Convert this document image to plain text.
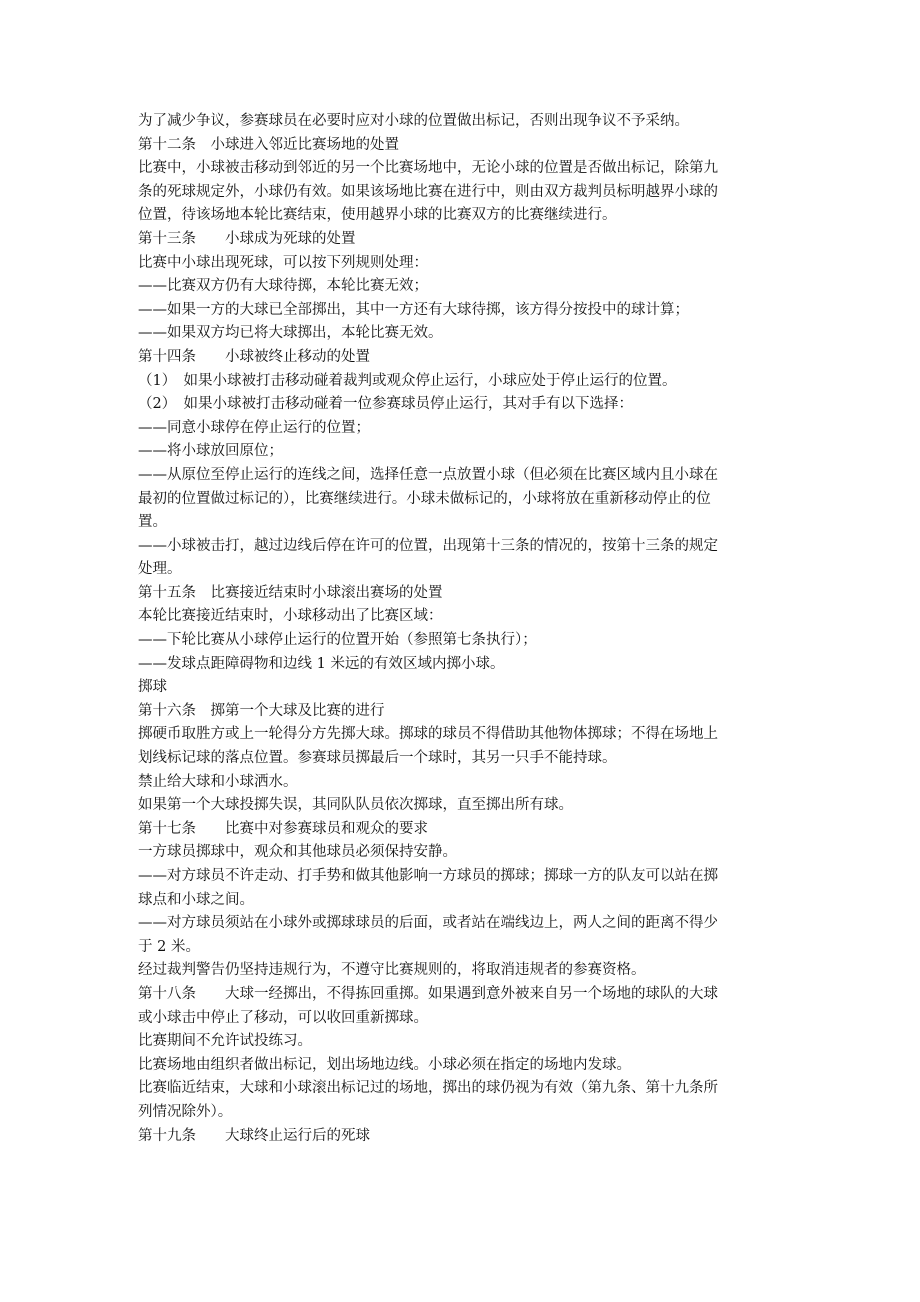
为了减少争议，参赛球员在必要时应对小球的位置做出标记，否则出现争议不予采纳。
第十二条　小球进入邻近比赛场地的处置
比赛中，小球被击移动到邻近的另一个比赛场地中，无论小球的位置是否做出标记，除第九
条的死球规定外，小球仍有效。如果该场地比赛在进行中，则由双方裁判员标明越界小球的
位置，待该场地本轮比赛结束，使用越界小球的比赛双方的比赛继续进行。
第十三条　　小球成为死球的处置
比赛中小球出现死球，可以按下列规则处理：
——比赛双方仍有大球待掷，本轮比赛无效；
——如果一方的大球已全部掷出，其中一方还有大球待掷，该方得分按投中的球计算；
——如果双方均已将大球掷出，本轮比赛无效。
第十四条　　小球被终止移动的处置
（1）　如果小球被打击移动碰着裁判或观众停止运行，小球应处于停止运行的位置。
（2）　如果小球被打击移动碰着一位参赛球员停止运行，其对手有以下选择：
——同意小球停在停止运行的位置；
——将小球放回原位；
——从原位至停止运行的连线之间，选择任意一点放置小球（但必须在比赛区域内且小球在
最初的位置做过标记的），比赛继续进行。小球未做标记的，小球将放在重新移动停止的位
置。
——小球被击打，越过边线后停在许可的位置，出现第十三条的情况的，按第十三条的规定
处理。
第十五条　比赛接近结束时小球滚出赛场的处置
本轮比赛接近结束时，小球移动出了比赛区域：
——下轮比赛从小球停止运行的位置开始（参照第七条执行）；
——发球点距障碍物和边线 1 米远的有效区域内掷小球。
掷球
第十六条　掷第一个大球及比赛的进行
掷硬币取胜方或上一轮得分方先掷大球。掷球的球员不得借助其他物体掷球；不得在场地上
划线标记球的落点位置。参赛球员掷最后一个球时，其另一只手不能持球。
禁止给大球和小球洒水。
如果第一个大球投掷失误，其同队队员依次掷球，直至掷出所有球。
第十七条　　比赛中对参赛球员和观众的要求
一方球员掷球中，观众和其他球员必须保持安静。
——对方球员不许走动、打手势和做其他影响一方球员的掷球；掷球一方的队友可以站在掷
球点和小球之间。
——对方球员须站在小球外或掷球球员的后面，或者站在端线边上，两人之间的距离不得少
于 2 米。
经过裁判警告仍坚持违规行为，不遵守比赛规则的，将取消违规者的参赛资格。
第十八条　　大球一经掷出，不得拣回重掷。如果遇到意外被来自另一个场地的球队的大球
或小球击中停止了移动，可以收回重新掷球。
比赛期间不允许试投练习。
比赛场地由组织者做出标记，划出场地边线。小球必须在指定的场地内发球。
比赛临近结束，大球和小球滚出标记过的场地，掷出的球仍视为有效（第九条、第十九条所
列情况除外）。
第十九条　　大球终止运行后的死球
